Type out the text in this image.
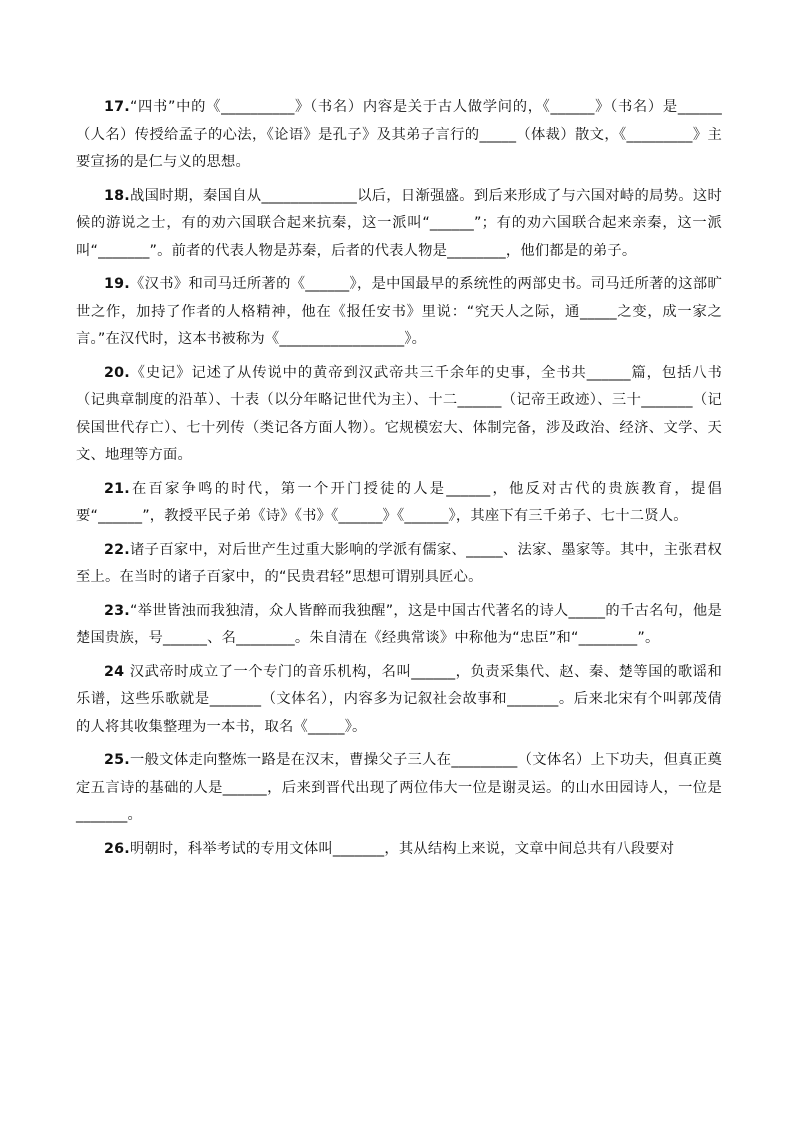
17.“四书”中的《__________》（书名）内容是关于古人做学问的，《______》（书名）是______（人名）传授给孟子的心法，《论语》是孔子》及其弟子言行的_____（体裁）散文，《_________》主要宣扬的是仁与义的思想。

18.战国时期，秦国自从_____________以后，日渐强盛。到后来形成了与六国对峙的局势。这时候的游说之士，有的劝六国联合起来抗秦，这一派叫“______”；有的劝六国联合起来亲秦，这一派叫“_______”。前者的代表人物是苏秦，后者的代表人物是________，他们都是的弟子。

19.《汉书》和司马迁所著的《______》，是中国最早的系统性的两部史书。司马迁所著的这部旷世之作，加持了作者的人格精神，他在《报任安书》里说：“究天人之际，通_____之变，成一家之言。”在汉代时，这本书被称为《_________________》。

20.《史记》记述了从传说中的黄帝到汉武帝共三千余年的史事，全书共______篇，包括八书（记典章制度的沿革）、十表（以分年略记世代为主）、十二______（记帝王政迹）、三十_______（记侯国世代存亡）、七十列传（类记各方面人物）。它规模宏大、体制完备，涉及政治、经济、文学、天文、地理等方面。

21.在百家争鸣的时代，第一个开门授徒的人是______，他反对古代的贵族教育，提倡要“______”，教授平民子弟《诗》《书》《______》《______》，其座下有三千弟子、七十二贤人。

22.诸子百家中，对后世产生过重大影响的学派有儒家、_____、法家、墨家等。其中，主张君权至上。在当时的诸子百家中，的“民贵君轻”思想可谓别具匠心。

23.“举世皆浊而我独清，众人皆醉而我独醒”，这是中国古代著名的诗人_____的千古名句，他是楚国贵族，号______、名________。朱自清在《经典常谈》中称他为“忠臣”和“________”。

24 汉武帝时成立了一个专门的音乐机构，名叫______，负责采集代、赵、秦、楚等国的歌谣和乐谱，这些乐歌就是_______（文体名），内容多为记叙社会故事和_______。后来北宋有个叫郭茂倩的人将其收集整理为一本书，取名《_____》。

25.一般文体走向整炼一路是在汉末，曹操父子三人在_________（文体名）上下功夫，但真正奠定五言诗的基础的人是______，后来到晋代出现了两位伟大一位是谢灵运。的山水田园诗人，一位是_______。

26.明朝时，科举考试的专用文体叫_______，其从结构上来说，文章中间总共有八段要对
